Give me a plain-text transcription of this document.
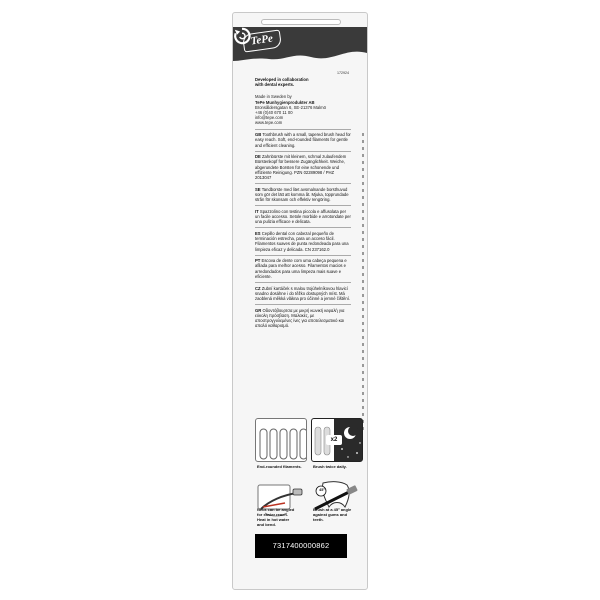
TePe
172924
Developed in collaboration with dental experts.
Made in Sweden by
TePe Munhygienprodukter AB
Bronsåldersgatan 6, SE-21376 Malmö
+46 (0)40 670 11 00
info@tepe.com
www.tepe.com
GB Toothbrush with a small, tapered brush head for easy reach. Soft, end-rounded filaments for gentle and efficient cleaning.
DE Zahnbürste mit kleinem, schmal zulaufendem Bürstenkopf für bessere Zugänglichkeit. Weiche, abgerundete Borsten für eine schonende und effiziente Reinigung. PZN 02289098 / PHZ 2013047
SE Tandborste med litet avsmalnande borsthuvud som gör det lätt att komma åt. Mjuka, topprundade strån för skonsam och effektiv rengöring.
IT Spazzolino con testina piccola e affusolata per un facile accesso. Setole morbide e arrotondate per una pulizia efficace e delicata.
ES Cepillo dental con cabezal pequeño de terminación estrecha, para un acceso fácil. Filamentos suaves de punta redondeada para una limpieza eficaz y delicada. CN 237162.0
PT Escova de dente com uma cabeça pequena e afilada para melhor acesso. Filamentos macios e arredondados para uma limpeza mais suave e eficiente.
CZ Zubní kartáček s malou trojúhelníkovou hlavicí snadno dosáhne i do těžko dostupných míst. Má zaoblená měkká vlákna pro účinné a jemné čištění.
GR Οδοντόβουρτσα με μικρή κωνική κεφαλή για εύκολη πρόσβαση. Μαλακές, με αποστρογγυλεμένες ίνες για αποτελεσματικό και απαλό καθαρισμό.
End-rounded filaments.
x2
Brush twice daily.
Neck can be angled for easier reach. Heat in hot water and bend.
45°
Brush at a 45° angle against gums and teeth.
7317400000862
